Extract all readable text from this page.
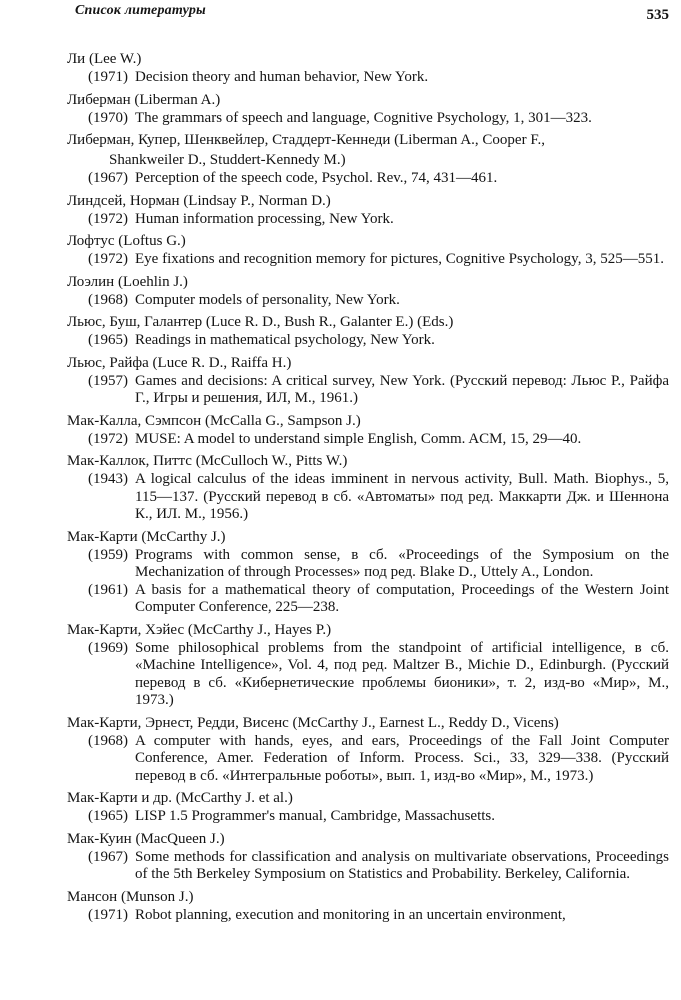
Список литературы	535
Ли (Lee W.)
(1971) Decision theory and human behavior, New York.
Либерман (Liberman A.)
(1970) The grammars of speech and language, Cognitive Psychology, 1, 301—323.
Либерман, Купер, Шенквейлер, Стаддерт-Кеннеди (Liberman A., Cooper F.,
Shankweiler D., Studdert-Kennedy M.)
(1967) Perception of the speech code, Psychol. Rev., 74, 431—461.
Линдсей, Норман (Lindsay P., Norman D.)
(1972) Human information processing, New York.
Лофтус (Loftus G.)
(1972) Eye fixations and recognition memory for pictures, Cognitive Psychology, 3, 525—551.
Лоэлин (Loehlin J.)
(1968) Computer models of personality, New York.
Льюс, Буш, Галантер (Luce R. D., Bush R., Galanter E.) (Eds.)
(1965) Readings in mathematical psychology, New York.
Льюс, Райфа (Luce R. D., Raiffa H.)
(1957) Games and decisions: A critical survey, New York. (Русский перевод: Льюс Р., Райфа Г., Игры и решения, ИЛ, М., 1961.)
Мак-Калла, Сэмпсон (McCalla G., Sampson J.)
(1972) MUSE: A model to understand simple English, Comm. ACM, 15, 29—40.
Мак-Каллок, Питтс (McCulloch W., Pitts W.)
(1943) A logical calculus of the ideas imminent in nervous activity, Bull. Math. Biophys., 5, 115—137. (Русский перевод в сб. «Автоматы» под ред. Маккарти Дж. и Шеннона К., ИЛ. М., 1956.)
Мак-Карти (McCarthy J.)
(1959) Programs with common sense, в сб. «Proceedings of the Symposium on the Mechanization of through Processes» под ред. Blake D., Uttely A., London.
(1961) A basis for a mathematical theory of computation, Proceedings of the Western Joint Computer Conference, 225—238.
Мак-Карти, Хэйес (McCarthy J., Hayes P.)
(1969) Some philosophical problems from the standpoint of artificial intelligence, в сб. «Machine Intelligence», Vol. 4, под ред. Maltzer B., Michie D., Edinburgh. (Русский перевод в сб. «Кибернетические проблемы бионики», т. 2, изд-во «Мир», М., 1973.)
Мак-Карти, Эрнест, Редди, Висенс (McCarthy J., Earnest L., Reddy D., Vicens)
(1968) A computer with hands, eyes, and ears, Proceedings of the Fall Joint Computer Conference, Amer. Federation of Inform. Process. Sci., 33, 329—338. (Русский перевод в сб. «Интегральные роботы», вып. 1, изд-во «Мир», М., 1973.)
Мак-Карти и др. (McCarthy J. et al.)
(1965) LISP 1.5 Programmer's manual, Cambridge, Massachusetts.
Мак-Куин (MacQueen J.)
(1967) Some methods for classification and analysis on multivariate observations, Proceedings of the 5th Berkeley Symposium on Statistics and Probability. Berkeley, California.
Мансон (Munson J.)
(1971) Robot planning, execution and monitoring in an uncertain environment,
